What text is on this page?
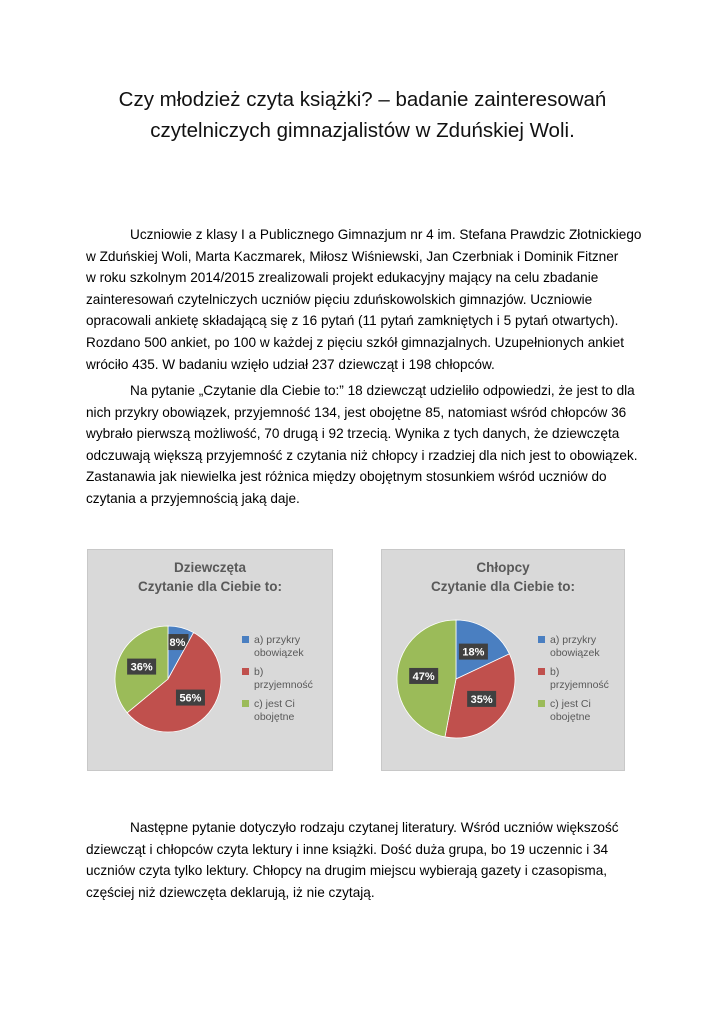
Czy młodzież czyta książki? – badanie zainteresowań
czytelniczych gimnazjalistów w Zduńskiej Woli.
Uczniowie z klasy I a Publicznego Gimnazjum nr 4 im. Stefana Prawdzic Złotnickiego
w Zduńskiej Woli, Marta Kaczmarek, Miłosz Wiśniewski, Jan Czerbniak i Dominik Fitzner
w roku szkolnym 2014/2015 zrealizowali projekt edukacyjny mający na celu zbadanie
zainteresowań czytelniczych uczniów pięciu zduńskowolskich gimnazjów. Uczniowie
opracowali ankietę składającą się z 16 pytań (11 pytań zamkniętych i 5 pytań otwartych).
Rozdano 500 ankiet, po 100 w każdej z pięciu szkół gimnazjalnych. Uzupełnionych ankiet
wróciło 435. W badaniu wzięło udział 237 dziewcząt i 198 chłopców.
Na pytanie „Czytanie dla Ciebie to:” 18 dziewcząt udzieliło odpowiedzi, że jest to dla
nich przykry obowiązek, przyjemność 134, jest obojętne 85, natomiast wśród chłopców 36
wybrało pierwszą możliwość, 70 drugą i 92 trzecią. Wynika z tych danych, że dziewczęta
odczuwają większą przyjemność z czytania niż chłopcy i rzadziej dla nich jest to obowiązek.
Zastanawia jak niewielka jest różnica między obojętnym stosunkiem wśród uczniów do
czytania a przyjemnością jaką daje.
Dziewczęta
Czytanie dla Ciebie to:
8%
56%
36%
a) przykry
obowiązek
b)
przyjemność
c) jest Ci
obojętne
Chłopcy
Czytanie dla Ciebie to:
18%
35%
47%
a) przykry
obowiązek
b)
przyjemność
c) jest Ci
obojętne
Następne pytanie dotyczyło rodzaju czytanej literatury. Wśród uczniów większość
dziewcząt i chłopców czyta lektury i inne książki. Dość duża grupa, bo 19 uczennic i 34
uczniów czyta tylko lektury. Chłopcy na drugim miejscu wybierają gazety i czasopisma,
częściej niż dziewczęta deklarują, iż nie czytają.
